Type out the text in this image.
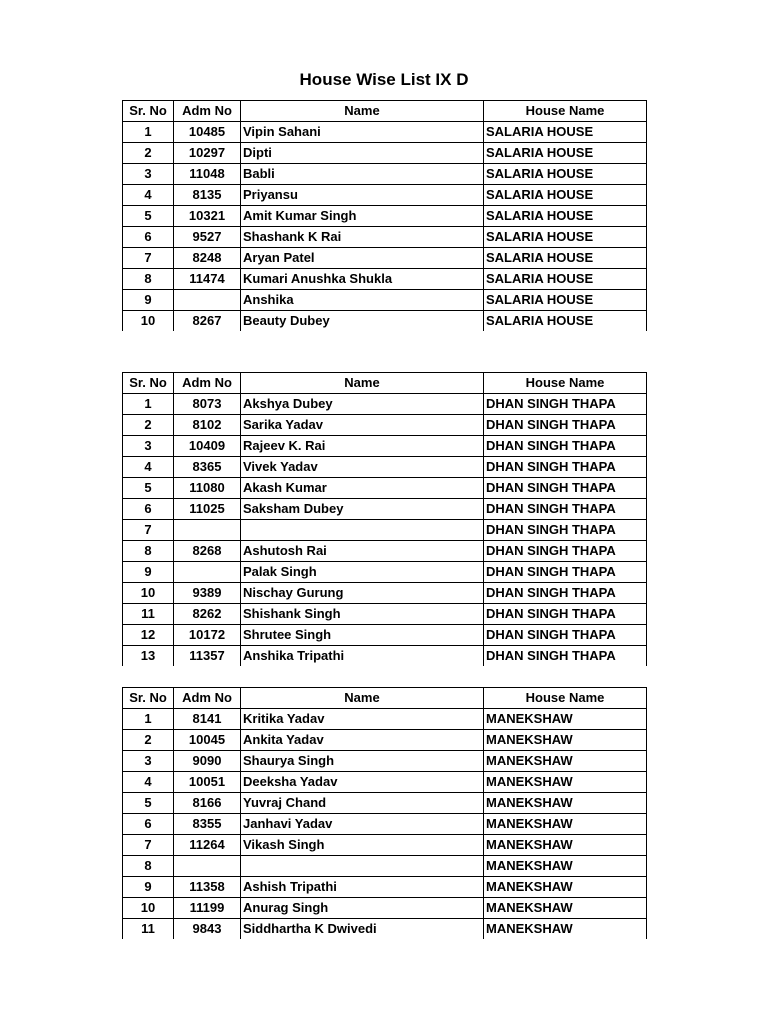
House Wise List IX D
Sr. No	Adm No	Name	House Name
1	10485	Vipin Sahani	SALARIA HOUSE
2	10297	Dipti	SALARIA HOUSE
3	11048	Babli	SALARIA HOUSE
4	8135	Priyansu	SALARIA HOUSE
5	10321	Amit Kumar Singh	SALARIA HOUSE
6	9527	Shashank K Rai	SALARIA HOUSE
7	8248	Aryan Patel	SALARIA HOUSE
8	11474	Kumari Anushka Shukla	SALARIA HOUSE
9		Anshika	SALARIA HOUSE
10	8267	Beauty Dubey	SALARIA HOUSE
Sr. No	Adm No	Name	House Name
1	8073	Akshya Dubey	DHAN SINGH THAPA
2	8102	Sarika Yadav	DHAN SINGH THAPA
3	10409	Rajeev K. Rai	DHAN SINGH THAPA
4	8365	Vivek Yadav	DHAN SINGH THAPA
5	11080	Akash Kumar	DHAN SINGH THAPA
6	11025	Saksham Dubey	DHAN SINGH THAPA
7			DHAN SINGH THAPA
8	8268	Ashutosh Rai	DHAN SINGH THAPA
9		Palak Singh	DHAN SINGH THAPA
10	9389	Nischay Gurung	DHAN SINGH THAPA
11	8262	Shishank Singh	DHAN SINGH THAPA
12	10172	Shrutee Singh	DHAN SINGH THAPA
13	11357	Anshika Tripathi	DHAN SINGH THAPA
Sr. No	Adm No	Name	House Name
1	8141	Kritika Yadav	MANEKSHAW
2	10045	Ankita Yadav	MANEKSHAW
3	9090	Shaurya Singh	MANEKSHAW
4	10051	Deeksha Yadav	MANEKSHAW
5	8166	Yuvraj Chand	MANEKSHAW
6	8355	Janhavi Yadav	MANEKSHAW
7	11264	Vikash Singh	MANEKSHAW
8			MANEKSHAW
9	11358	Ashish Tripathi	MANEKSHAW
10	11199	Anurag Singh	MANEKSHAW
11	9843	Siddhartha K Dwivedi	MANEKSHAW
